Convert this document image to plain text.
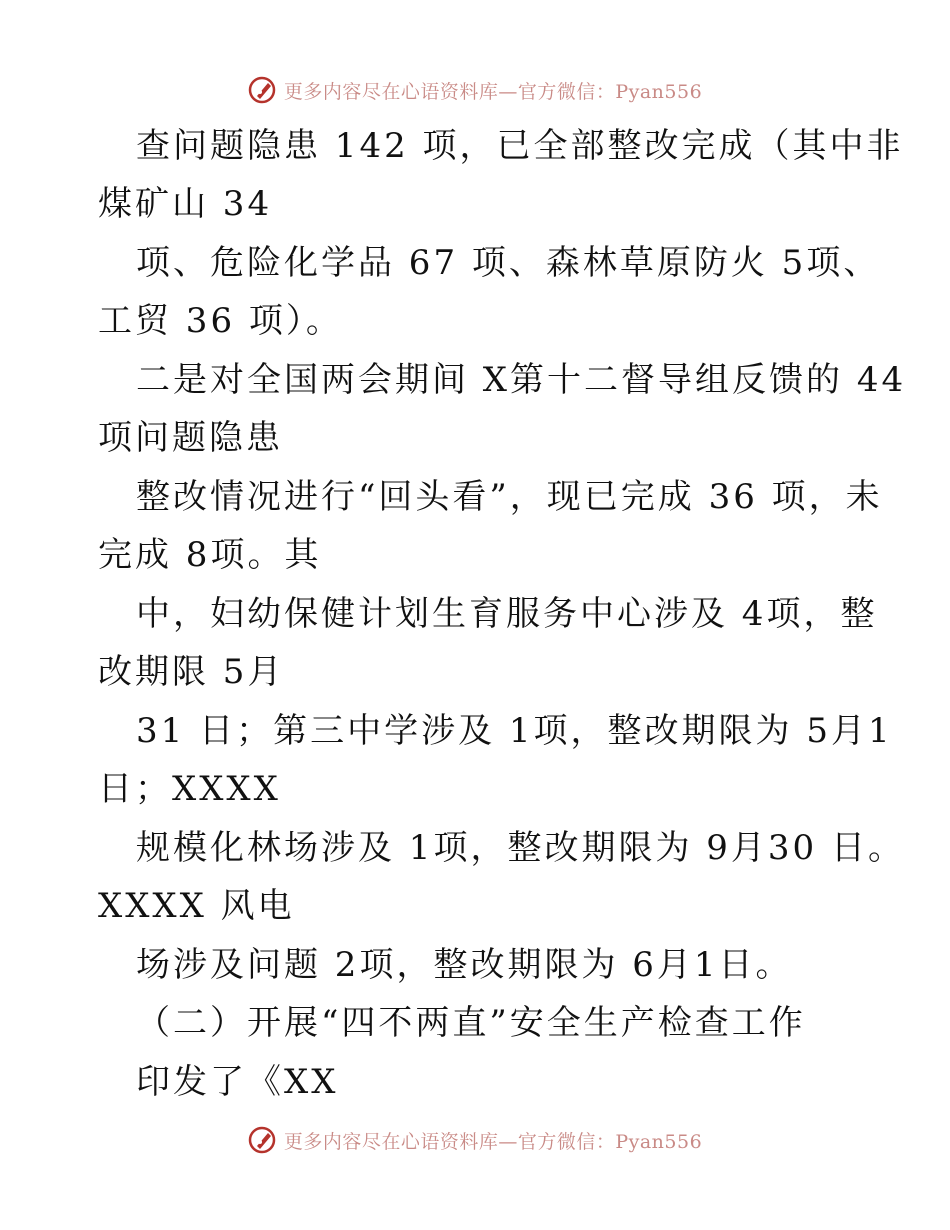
更多内容尽在心语资料库—官方微信：Pyan556
查问题隐患 142 项，已全部整改完成（其中非
煤矿山 34
项、危险化学品 67 项、森林草原防火 5项、
工贸 36 项）。
二是对全国两会期间 X第十二督导组反馈的 44
项问题隐患
整改情况进行“回头看”，现已完成 36 项，未
完成 8项。其
中，妇幼保健计划生育服务中心涉及 4项，整
改期限 5月
31 日；第三中学涉及 1项，整改期限为 5月1
日；XXXX
规模化林场涉及 1项，整改期限为 9月30 日。
XXXX 风电
场涉及问题 2项，整改期限为 6月1日。
（二）开展“四不两直”安全生产检查工作
印发了《XX
更多内容尽在心语资料库—官方微信：Pyan556
